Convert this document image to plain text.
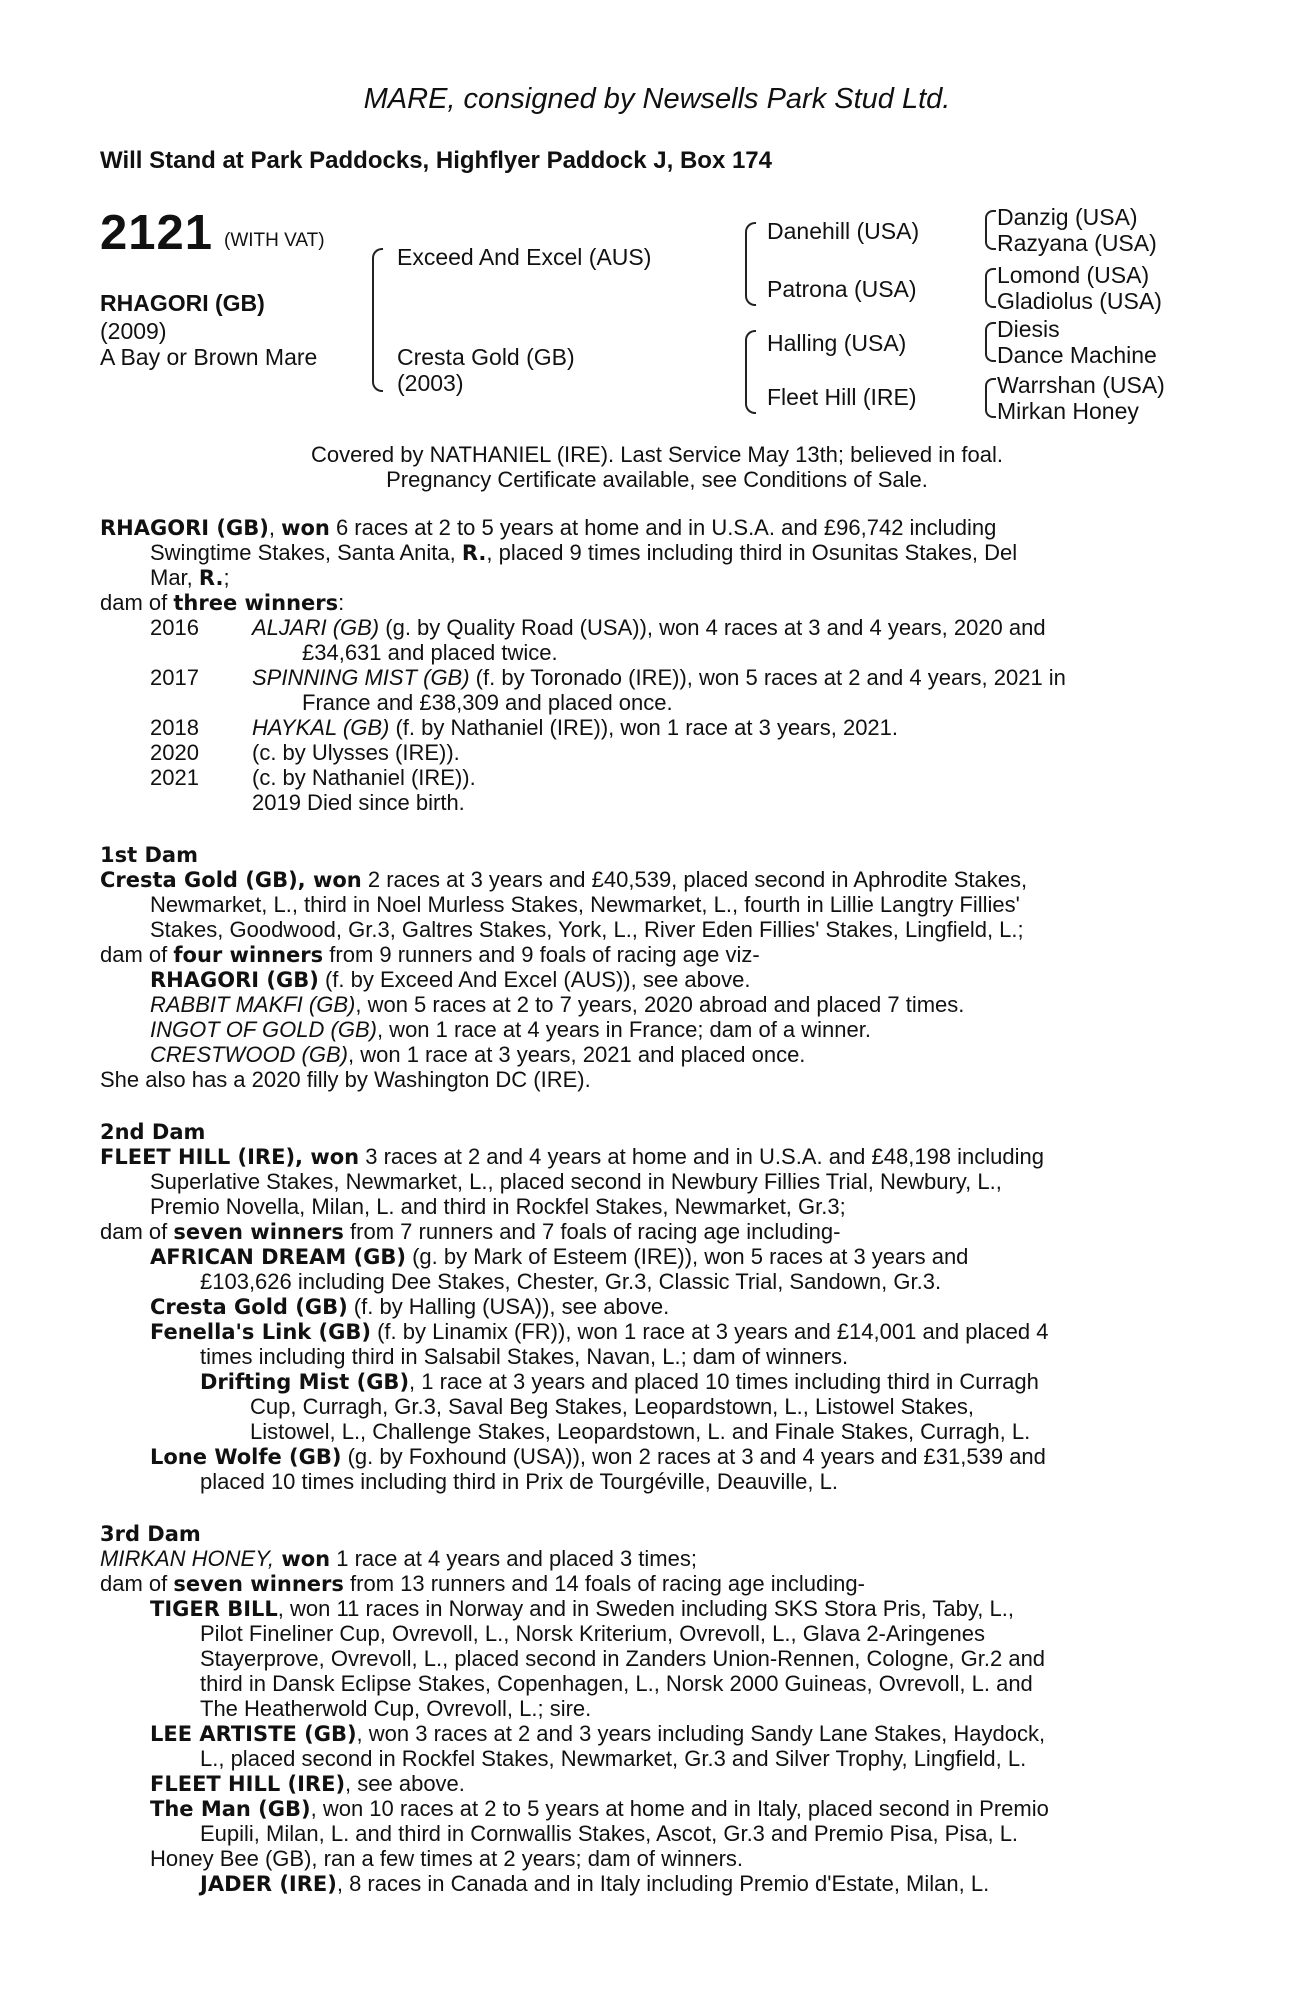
MARE, consigned by Newsells Park Stud Ltd.
Will Stand at Park Paddocks, Highflyer Paddock J, Box 174
2121 (WITH VAT)
RHAGORI (GB)
(2009)
A Bay or Brown Mare
Exceed And Excel (AUS)
Cresta Gold (GB)
(2003)
Danehill (USA)
Patrona (USA)
Halling (USA)
Fleet Hill (IRE)
Danzig (USA)
Razyana (USA)
Lomond (USA)
Gladiolus (USA)
Diesis
Dance Machine
Warrshan (USA)
Mirkan Honey
Covered by NATHANIEL (IRE). Last Service May 13th; believed in foal.
Pregnancy Certificate available, see Conditions of Sale.
RHAGORI (GB), won 6 races at 2 to 5 years at home and in U.S.A. and £96,742 including
Swingtime Stakes, Santa Anita, R., placed 9 times including third in Osunitas Stakes, Del
Mar, R.;
dam of three winners:
2016 ALJARI (GB) (g. by Quality Road (USA)), won 4 races at 3 and 4 years, 2020 and
£34,631 and placed twice.
2017 SPINNING MIST (GB) (f. by Toronado (IRE)), won 5 races at 2 and 4 years, 2021 in
France and £38,309 and placed once.
2018 HAYKAL (GB) (f. by Nathaniel (IRE)), won 1 race at 3 years, 2021.
2020 (c. by Ulysses (IRE)).
2021 (c. by Nathaniel (IRE)).
2019 Died since birth.
1st Dam
Cresta Gold (GB), won 2 races at 3 years and £40,539, placed second in Aphrodite Stakes,
Newmarket, L., third in Noel Murless Stakes, Newmarket, L., fourth in Lillie Langtry Fillies'
Stakes, Goodwood, Gr.3, Galtres Stakes, York, L., River Eden Fillies' Stakes, Lingfield, L.;
dam of four winners from 9 runners and 9 foals of racing age viz-
RHAGORI (GB) (f. by Exceed And Excel (AUS)), see above.
RABBIT MAKFI (GB), won 5 races at 2 to 7 years, 2020 abroad and placed 7 times.
INGOT OF GOLD (GB), won 1 race at 4 years in France; dam of a winner.
CRESTWOOD (GB), won 1 race at 3 years, 2021 and placed once.
She also has a 2020 filly by Washington DC (IRE).
2nd Dam
FLEET HILL (IRE), won 3 races at 2 and 4 years at home and in U.S.A. and £48,198 including
Superlative Stakes, Newmarket, L., placed second in Newbury Fillies Trial, Newbury, L.,
Premio Novella, Milan, L. and third in Rockfel Stakes, Newmarket, Gr.3;
dam of seven winners from 7 runners and 7 foals of racing age including-
AFRICAN DREAM (GB) (g. by Mark of Esteem (IRE)), won 5 races at 3 years and
£103,626 including Dee Stakes, Chester, Gr.3, Classic Trial, Sandown, Gr.3.
Cresta Gold (GB) (f. by Halling (USA)), see above.
Fenella's Link (GB) (f. by Linamix (FR)), won 1 race at 3 years and £14,001 and placed 4
times including third in Salsabil Stakes, Navan, L.; dam of winners.
Drifting Mist (GB), 1 race at 3 years and placed 10 times including third in Curragh
Cup, Curragh, Gr.3, Saval Beg Stakes, Leopardstown, L., Listowel Stakes,
Listowel, L., Challenge Stakes, Leopardstown, L. and Finale Stakes, Curragh, L.
Lone Wolfe (GB) (g. by Foxhound (USA)), won 2 races at 3 and 4 years and £31,539 and
placed 10 times including third in Prix de Tourgéville, Deauville, L.
3rd Dam
MIRKAN HONEY, won 1 race at 4 years and placed 3 times;
dam of seven winners from 13 runners and 14 foals of racing age including-
TIGER BILL, won 11 races in Norway and in Sweden including SKS Stora Pris, Taby, L.,
Pilot Fineliner Cup, Ovrevoll, L., Norsk Kriterium, Ovrevoll, L., Glava 2-Aringenes
Stayerprove, Ovrevoll, L., placed second in Zanders Union-Rennen, Cologne, Gr.2 and
third in Dansk Eclipse Stakes, Copenhagen, L., Norsk 2000 Guineas, Ovrevoll, L. and
The Heatherwold Cup, Ovrevoll, L.; sire.
LEE ARTISTE (GB), won 3 races at 2 and 3 years including Sandy Lane Stakes, Haydock,
L., placed second in Rockfel Stakes, Newmarket, Gr.3 and Silver Trophy, Lingfield, L.
FLEET HILL (IRE), see above.
The Man (GB), won 10 races at 2 to 5 years at home and in Italy, placed second in Premio
Eupili, Milan, L. and third in Cornwallis Stakes, Ascot, Gr.3 and Premio Pisa, Pisa, L.
Honey Bee (GB), ran a few times at 2 years; dam of winners.
JADER (IRE), 8 races in Canada and in Italy including Premio d'Estate, Milan, L.
